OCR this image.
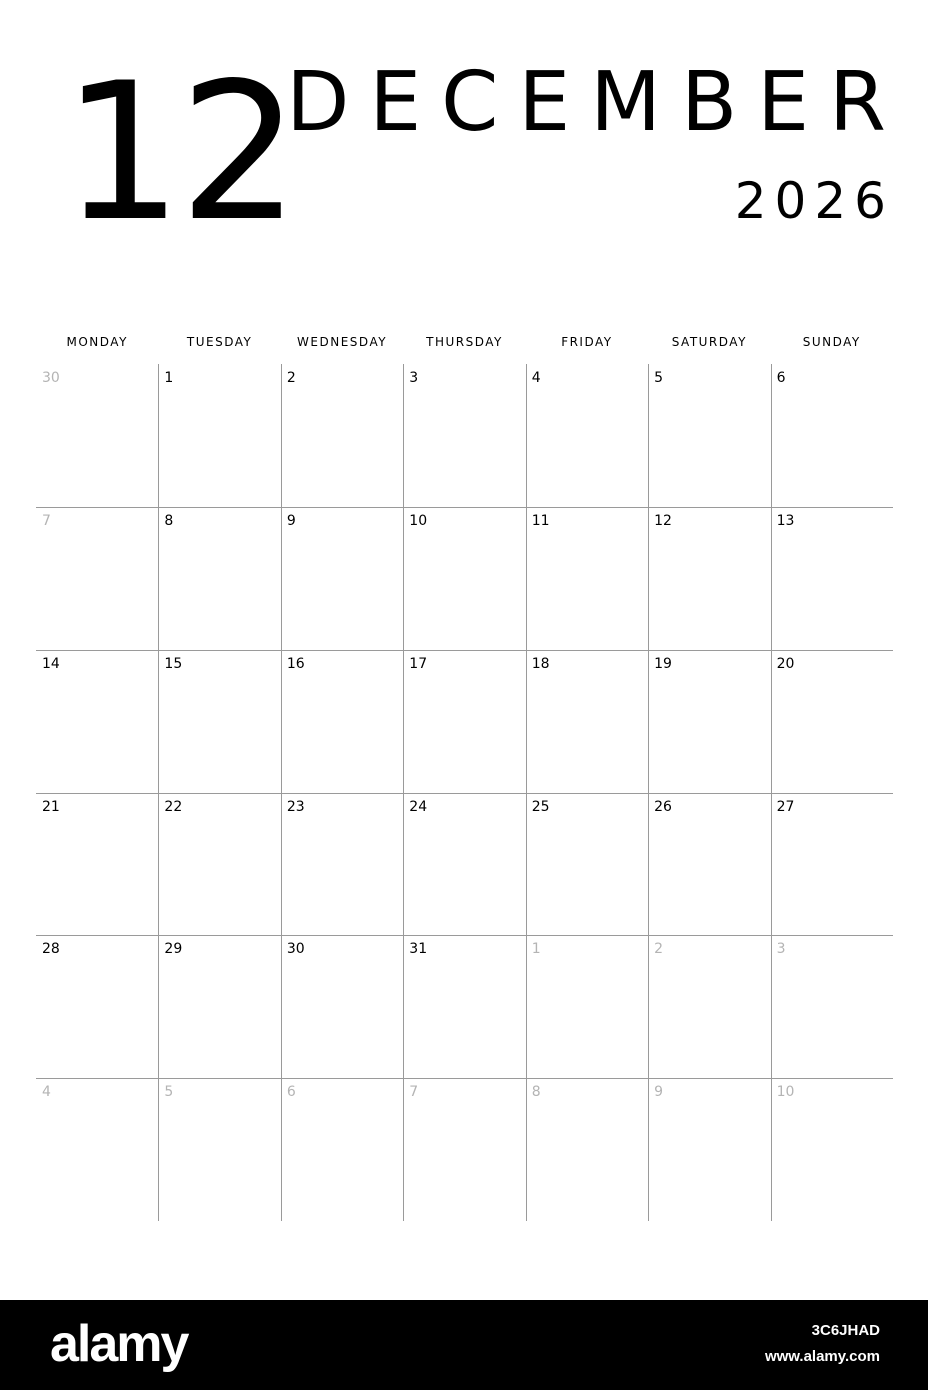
12
DECEMBER
2026
MONDAY	TUESDAY	WEDNESDAY	THURSDAY	FRIDAY	SATURDAY	SUNDAY
30	1	2	3	4	5	6
7	8	9	10	11	12	13
14	15	16	17	18	19	20
21	22	23	24	25	26	27
28	29	30	31	1	2	3
4	5	6	7	8	9	10
alamy	3C6JHAD
www.alamy.com
